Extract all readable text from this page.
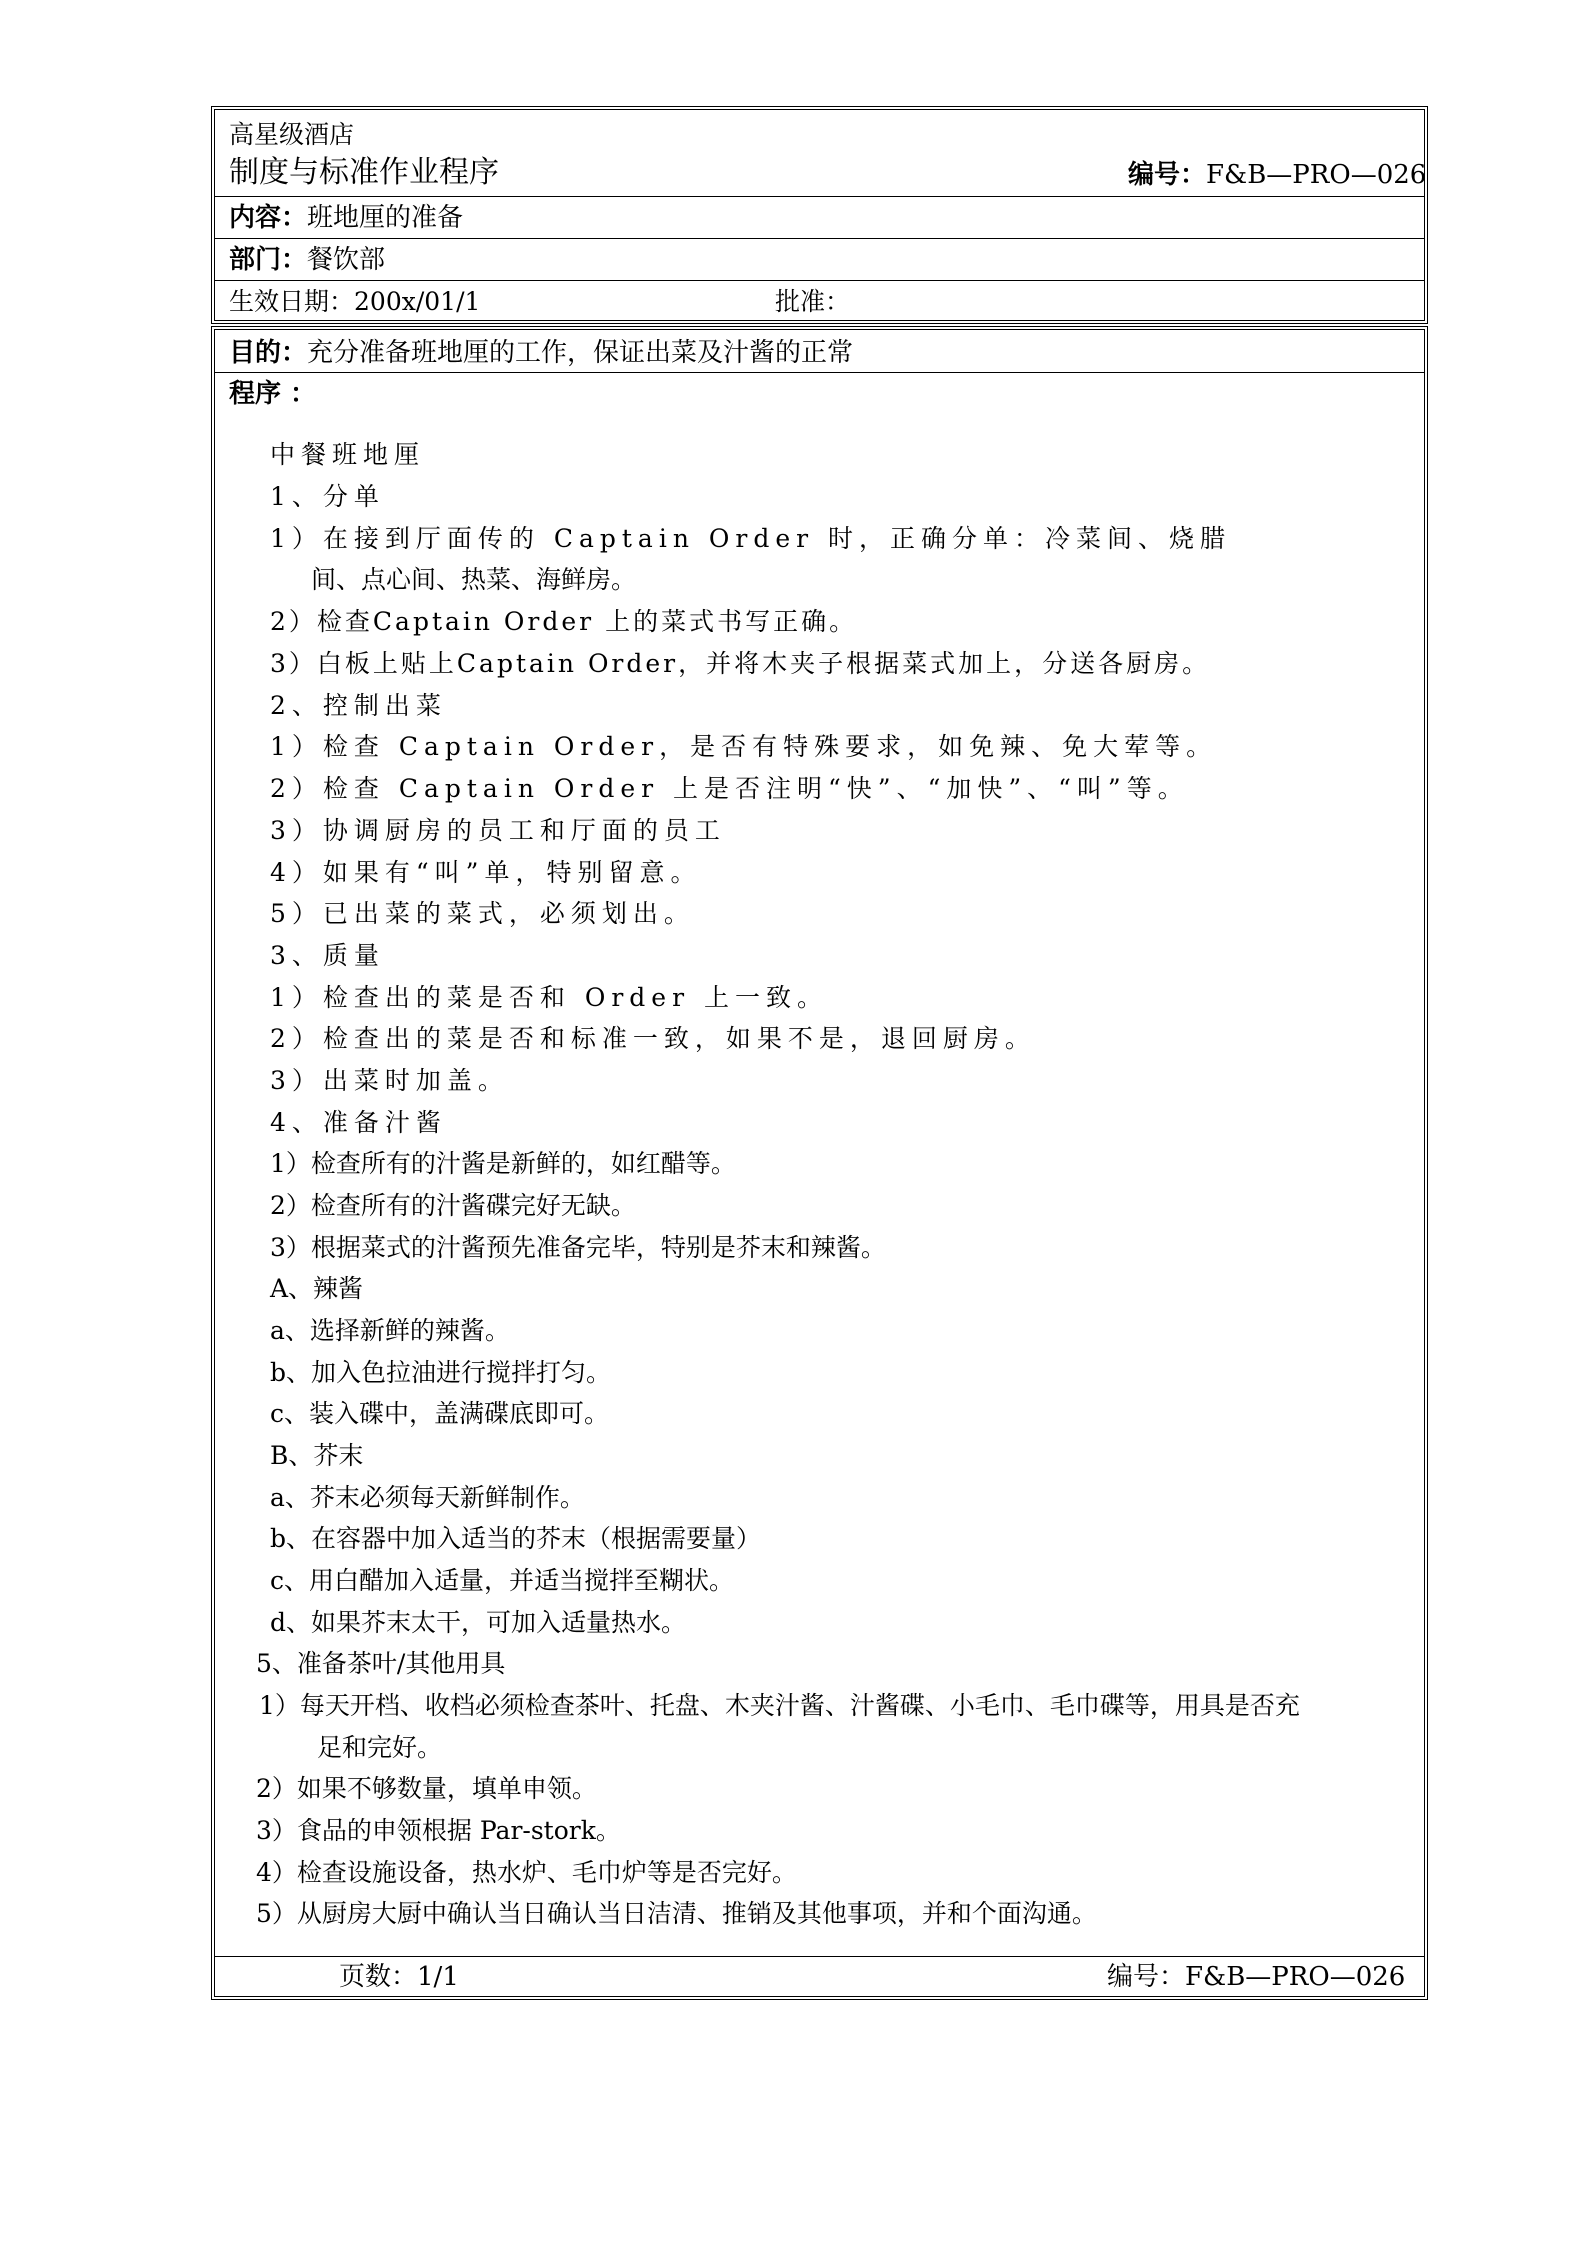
高星级酒店
制度与标准作业程序	编号：F&B—PRO—026
内容：班地厘的准备
部门：餐饮部
生效日期：200x/01/1	批准：
目的：充分准备班地厘的工作，保证出菜及汁酱的正常
程序 ：
中餐班地厘
1、分单
1）在接到厅面传的 Captain Order 时，正确分单：冷菜间、烧腊
间、点心间、热菜、海鲜房。
2）检查Captain Order 上的菜式书写正确。
3）白板上贴上Captain Order，并将木夹子根据菜式加上，分送各厨房。
2、控制出菜
1）检查 Captain Order，是否有特殊要求，如免辣、免大荤等。
2）检查 Captain Order 上是否注明“快”、“加快”、“叫”等。
3）协调厨房的员工和厅面的员工
4）如果有“叫”单，特别留意。
5）已出菜的菜式，必须划出。
3、质量
1）检查出的菜是否和 Order 上一致。
2）检查出的菜是否和标准一致，如果不是，退回厨房。
3）出菜时加盖。
4、准备汁酱
1）检查所有的汁酱是新鲜的，如红醋等。
2）检查所有的汁酱碟完好无缺。
3）根据菜式的汁酱预先准备完毕，特别是芥末和辣酱。
A、辣酱
a、选择新鲜的辣酱。
b、加入色拉油进行搅拌打匀。
c、装入碟中，盖满碟底即可。
B、芥末
a、芥末必须每天新鲜制作。
b、在容器中加入适当的芥末（根据需要量）
c、用白醋加入适量，并适当搅拌至糊状。
d、如果芥末太干，可加入适量热水。
5、准备茶叶/其他用具
1）每天开档、收档必须检查茶叶、托盘、木夹汁酱、汁酱碟、小毛巾、毛巾碟等，用具是否充
足和完好。
2）如果不够数量，填单申领。
3）食品的申领根据 Par-stork。
4）检查设施设备，热水炉、毛巾炉等是否完好。
5）从厨房大厨中确认当日确认当日洁清、推销及其他事项，并和个面沟通。
页数：1/1	编号：F&B—PRO—026
